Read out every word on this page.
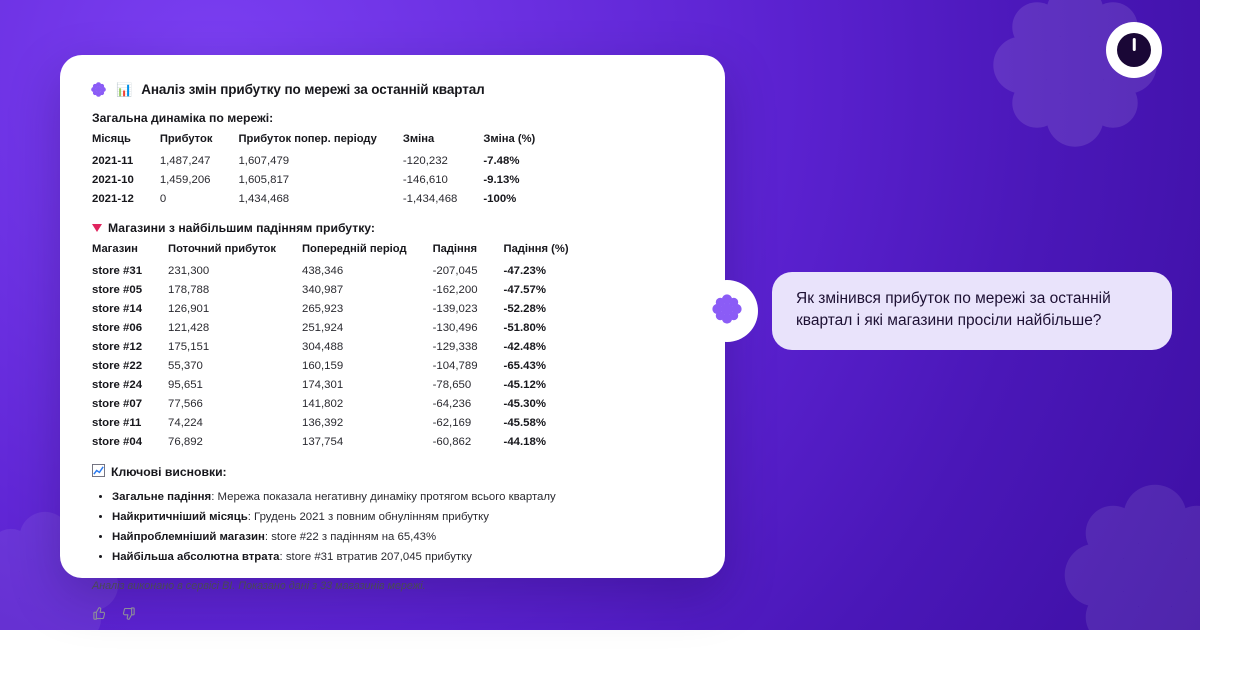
📊 Аналіз змін прибутку по мережі за останній квартал
Загальна динаміка по мережі:
Місяць	Прибуток	Прибуток попер. періоду	Зміна	Зміна (%)
2021-11	1,487,247	1,607,479	-120,232	-7.48%
2021-10	1,459,206	1,605,817	-146,610	-9.13%
2021-12	0	1,434,468	-1,434,468	-100%
Магазини з найбільшим падінням прибутку:
Магазин	Поточний прибуток	Попередній період	Падіння	Падіння (%)
store #31	231,300	438,346	-207,045	-47.23%
store #05	178,788	340,987	-162,200	-47.57%
store #14	126,901	265,923	-139,023	-52.28%
store #06	121,428	251,924	-130,496	-51.80%
store #12	175,151	304,488	-129,338	-42.48%
store #22	55,370	160,159	-104,789	-65.43%
store #24	95,651	174,301	-78,650	-45.12%
store #07	77,566	141,802	-64,236	-45.30%
store #11	74,224	136,392	-62,169	-45.58%
store #04	76,892	137,754	-60,862	-44.18%
Ключові висновки:
• Загальне падіння: Мережа показала негативну динаміку протягом всього кварталу
• Найкритичніший місяць: Грудень 2021 з повним обнулінням прибутку
• Найпроблемніший магазин: store #22 з падінням на 65,43%
• Найбільша абсолютна втрата: store #31 втратив 207,045 прибутку
Аналіз виконано в сервісі BI. Показано дані з 33 магазинів мережі.
Як змінився прибуток по мережі за останній квартал і які магазини просіли найбільше?
